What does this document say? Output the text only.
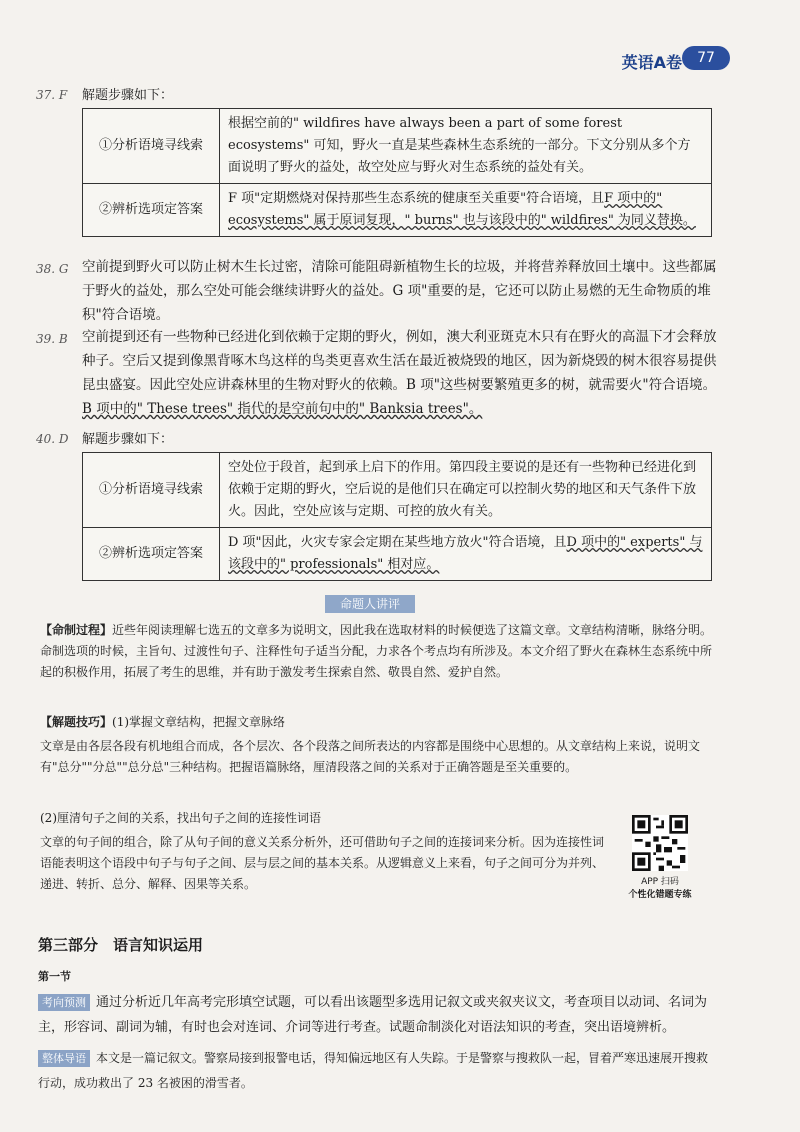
英语A卷	77
37. F 解题步骤如下：
①分析语境寻线索	根据空前的" wildfires have always been a part of some forest ecosystems" 可知，野火一直是某些森林生态系统的一部分。下文分别从多个方面说明了野火的益处，故空处应与野火对生态系统的益处有关。
②辨析选项定答案	F 项"定期燃烧对保持那些生态系统的健康至关重要"符合语境，且F 项中的" ecosystems" 属于原词复现，" burns" 也与该段中的" wildfires" 为同义替换。
38. G 空前提到野火可以防止树木生长过密，清除可能阻碍新植物生长的垃圾，并将营养释放回土壤中。这些都属于野火的益处，那么空处可能会继续讲野火的益处。G 项"重要的是，它还可以防止易燃的无生命物质的堆积"符合语境。
39. B 空前提到还有一些物种已经进化到依赖于定期的野火，例如，澳大利亚斑克木只有在野火的高温下才会释放种子。空后又提到像黑背啄木鸟这样的鸟类更喜欢生活在最近被烧毁的地区，因为新烧毁的树木很容易提供昆虫盛宴。因此空处应讲森林里的生物对野火的依赖。B 项"这些树要繁殖更多的树，就需要火"符合语境。B 项中的" These trees" 指代的是空前句中的" Banksia trees"。
40. D 解题步骤如下：
①分析语境寻线索	空处位于段首，起到承上启下的作用。第四段主要说的是还有一些物种已经进化到依赖于定期的野火，空后说的是他们只在确定可以控制火势的地区和天气条件下放火。因此，空处应该与定期、可控的放火有关。
②辨析选项定答案	D 项"因此，火灾专家会定期在某些地方放火"符合语境，且D 项中的" experts" 与该段中的" professionals" 相对应。
命题人讲评
【命制过程】近些年阅读理解七选五的文章多为说明文，因此我在选取材料的时候便选了这篇文章。文章结构清晰，脉络分明。命制选项的时候，主旨句、过渡性句子、注释性句子适当分配，力求各个考点均有所涉及。本文介绍了野火在森林生态系统中所起的积极作用，拓展了考生的思维，并有助于激发考生探索自然、敬畏自然、爱护自然。
【解题技巧】(1)掌握文章结构，把握文章脉络
文章是由各层各段有机地组合而成，各个层次、各个段落之间所表达的内容都是围绕中心思想的。从文章结构上来说，说明文有"总分""分总""总分总"三种结构。把握语篇脉络，厘清段落之间的关系对于正确答题是至关重要的。
(2)厘清句子之间的关系，找出句子之间的连接性词语
文章的句子间的组合，除了从句子间的意义关系分析外，还可借助句子之间的连接词来分析。因为连接性词语能表明这个语段中句子与句子之间、层与层之间的基本关系。从逻辑意义上来看，句子之间可分为并列、递进、转折、总分、解释、因果等关系。	APP 扫码
个性化错题专练
第三部分　语言知识运用
第一节
考向预测 通过分析近几年高考完形填空试题，可以看出该题型多选用记叙文或夹叙夹议文，考查项目以动词、名词为主，形容词、副词为辅，有时也会对连词、介词等进行考查。试题命制淡化对语法知识的考查，突出语境辨析。
整体导语 本文是一篇记叙文。警察局接到报警电话，得知偏远地区有人失踪。于是警察与搜救队一起，冒着严寒迅速展开搜救行动，成功救出了 23 名被困的滑雪者。
